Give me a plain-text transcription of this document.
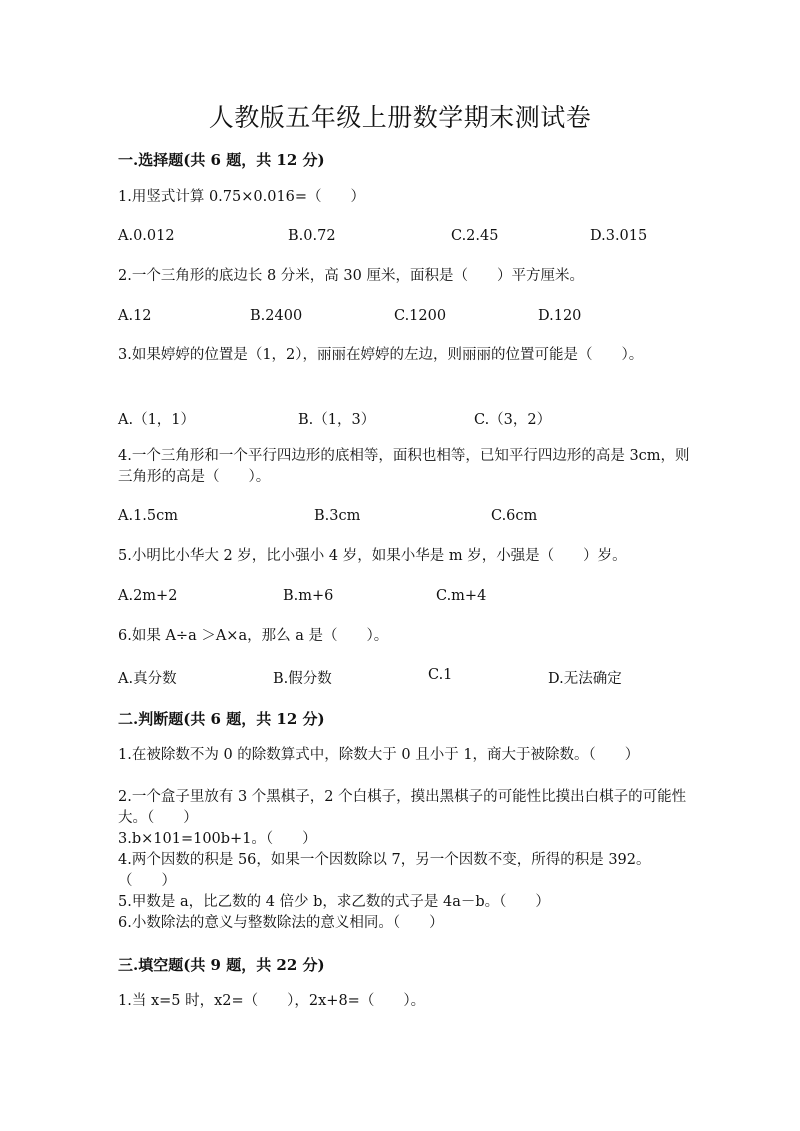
人教版五年级上册数学期末测试卷
一.选择题(共 6 题，共 12 分)
1.用竖式计算 0.75×0.016=（　　）
A.0.012	B.0.72	C.2.45	D.3.015
2.一个三角形的底边长 8 分米，高 30 厘米，面积是（　　）平方厘米。
A.12	B.2400	C.1200	D.120
3.如果婷婷的位置是（1，2），丽丽在婷婷的左边，则丽丽的位置可能是（　　）。
A.（1，1）	B.（1，3）	C.（3，2）
4.一个三角形和一个平行四边形的底相等，面积也相等，已知平行四边形的高是 3cm，则三角形的高是（　　）。
A.1.5cm	B.3cm	C.6cm
5.小明比小华大 2 岁，比小强小 4 岁，如果小华是 m 岁，小强是（　　）岁。
A.2m+2	B.m+6	C.m+4
6.如果 A÷a ＞A×a，那么 a 是（　　）。
A.真分数	B.假分数	C.1	D.无法确定
二.判断题(共 6 题，共 12 分)
1.在被除数不为 0 的除数算式中，除数大于 0 且小于 1，商大于被除数。（　　）
2.一个盒子里放有 3 个黑棋子，2 个白棋子，摸出黑棋子的可能性比摸出白棋子的可能性大。（　　）
3.b×101=100b+1。（　　）
4.两个因数的积是 56，如果一个因数除以 7，另一个因数不变，所得的积是 392。（　　）
5.甲数是 a，比乙数的 4 倍少 b，求乙数的式子是 4a－b。（　　）
6.小数除法的意义与整数除法的意义相同。（　　）
三.填空题(共 9 题，共 22 分)
1.当 x=5 时，x2=（　　），2x+8=（　　）。
